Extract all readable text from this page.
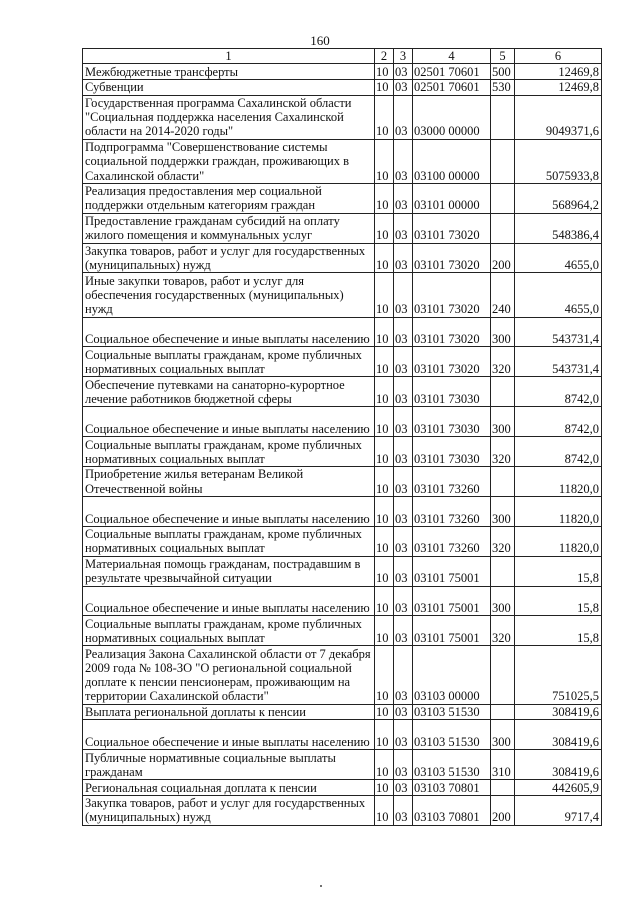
160
1	2	3	4	5	6
Межбюджетные трансферты	10	03	02501 70601	500	12469,8
Субвенции	10	03	02501 70601	530	12469,8
Государственная программа Сахалинской области "Социальная поддержка населения Сахалинской области на 2014-2020 годы"	10	03	03000 00000		9049371,6
Подпрограмма "Совершенствование системы социальной поддержки граждан, проживающих в Сахалинской области"	10	03	03100 00000		5075933,8
Реализация предоставления мер социальной поддержки отдельным категориям граждан	10	03	03101 00000		568964,2
Предоставление гражданам субсидий на оплату жилого помещения и коммунальных услуг	10	03	03101 73020		548386,4
Закупка товаров, работ и услуг для государственных (муниципальных) нужд	10	03	03101 73020	200	4655,0
Иные закупки товаров, работ и услуг для обеспечения государственных (муниципальных) нужд	10	03	03101 73020	240	4655,0
Социальное обеспечение и иные выплаты населению	10	03	03101 73020	300	543731,4
Социальные выплаты гражданам, кроме публичных нормативных социальных выплат	10	03	03101 73020	320	543731,4
Обеспечение путевками на санаторно-курортное лечение работников бюджетной сферы	10	03	03101 73030		8742,0
Социальное обеспечение и иные выплаты населению	10	03	03101 73030	300	8742,0
Социальные выплаты гражданам, кроме публичных нормативных социальных выплат	10	03	03101 73030	320	8742,0
Приобретение жилья ветеранам Великой Отечественной войны	10	03	03101 73260		11820,0
Социальное обеспечение и иные выплаты населению	10	03	03101 73260	300	11820,0
Социальные выплаты гражданам, кроме публичных нормативных социальных выплат	10	03	03101 73260	320	11820,0
Материальная помощь гражданам, пострадавшим в результате чрезвычайной ситуации	10	03	03101 75001		15,8
Социальное обеспечение и иные выплаты населению	10	03	03101 75001	300	15,8
Социальные выплаты гражданам, кроме публичных нормативных социальных выплат	10	03	03101 75001	320	15,8
Реализация Закона Сахалинской области от 7 декабря 2009 года № 108-ЗО "О региональной социальной доплате к пенсии пенсионерам, проживающим на территории Сахалинской области"	10	03	03103 00000		751025,5
Выплата региональной доплаты к пенсии	10	03	03103 51530		308419,6
Социальное обеспечение и иные выплаты населению	10	03	03103 51530	300	308419,6
Публичные нормативные социальные выплаты гражданам	10	03	03103 51530	310	308419,6
Региональная социальная доплата к пенсии	10	03	03103 70801		442605,9
Закупка товаров, работ и услуг для государственных (муниципальных) нужд	10	03	03103 70801	200	9717,4
